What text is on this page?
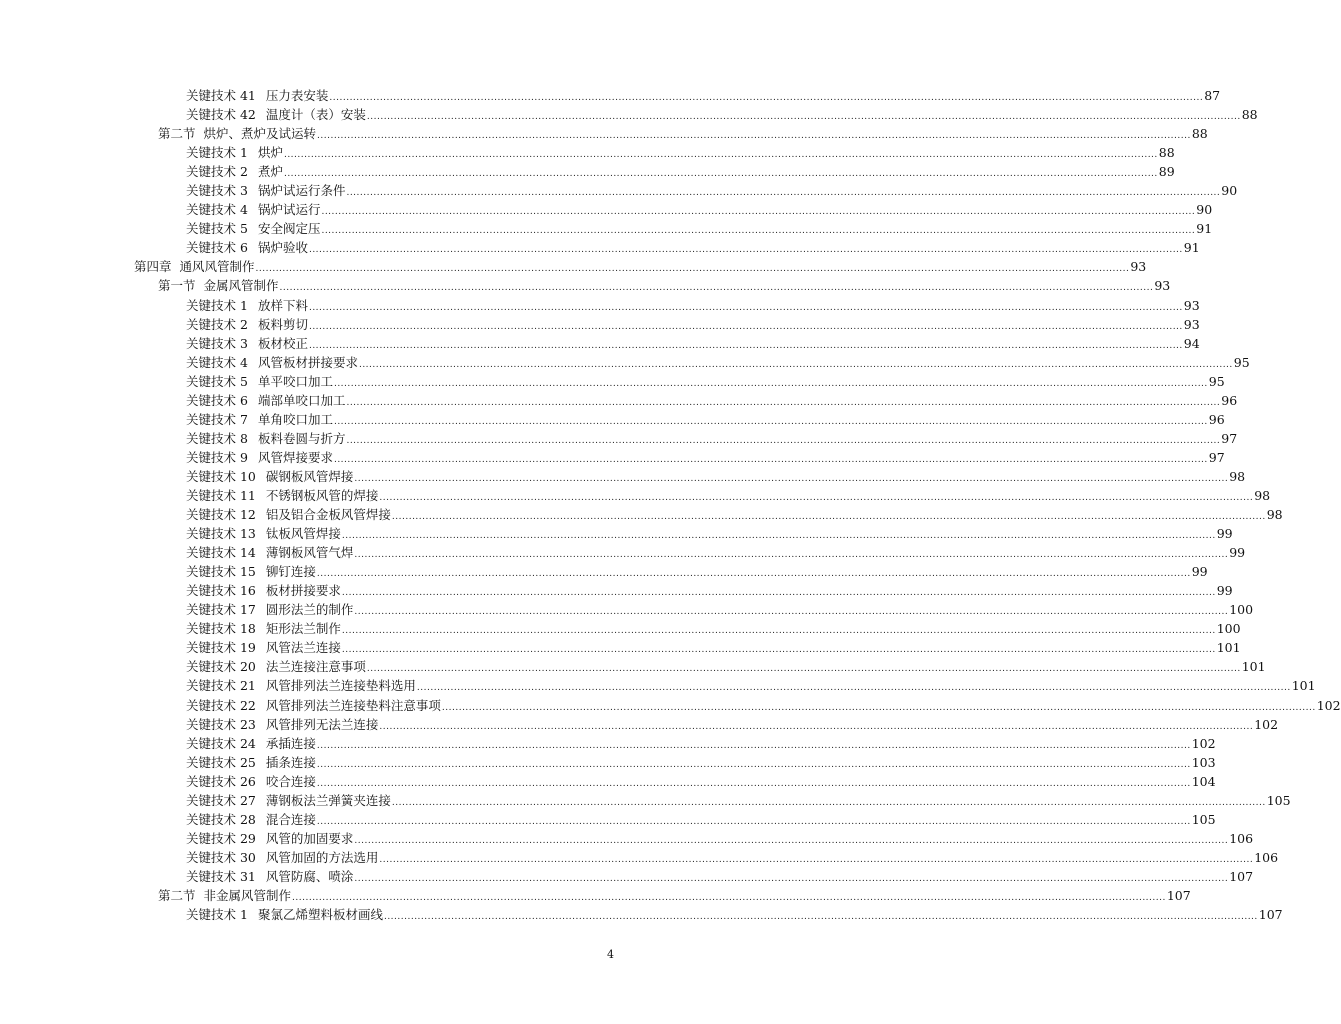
关键技术 41 压力表安装 .................................................................................................................................................................................................................................................................... 87
关键技术 42 温度计（表）安装 .................................................................................................................................................................................................................................................................... 88
第二节 烘炉、煮炉及试运转 .................................................................................................................................................................................................................................................................... 88
关键技术 1 烘炉 .................................................................................................................................................................................................................................................................... 88
关键技术 2 煮炉 .................................................................................................................................................................................................................................................................... 89
关键技术 3 锅炉试运行条件 .................................................................................................................................................................................................................................................................... 90
关键技术 4 锅炉试运行 .................................................................................................................................................................................................................................................................... 90
关键技术 5 安全阀定压 .................................................................................................................................................................................................................................................................... 91
关键技术 6 锅炉验收 .................................................................................................................................................................................................................................................................... 91
第四章 通风风管制作 .................................................................................................................................................................................................................................................................... 93
第一节 金属风管制作 .................................................................................................................................................................................................................................................................... 93
关键技术 1 放样下料 .................................................................................................................................................................................................................................................................... 93
关键技术 2 板料剪切 .................................................................................................................................................................................................................................................................... 93
关键技术 3 板材校正 .................................................................................................................................................................................................................................................................... 94
关键技术 4 风管板材拼接要求 .................................................................................................................................................................................................................................................................... 95
关键技术 5 单平咬口加工 .................................................................................................................................................................................................................................................................... 95
关键技术 6 端部单咬口加工 .................................................................................................................................................................................................................................................................... 96
关键技术 7 单角咬口加工 .................................................................................................................................................................................................................................................................... 96
关键技术 8 板料卷圆与折方 .................................................................................................................................................................................................................................................................... 97
关键技术 9 风管焊接要求 .................................................................................................................................................................................................................................................................... 97
关键技术 10 碳钢板风管焊接 .................................................................................................................................................................................................................................................................... 98
关键技术 11 不锈钢板风管的焊接 .................................................................................................................................................................................................................................................................... 98
关键技术 12 铝及铝合金板风管焊接 .................................................................................................................................................................................................................................................................... 98
关键技术 13 钛板风管焊接 .................................................................................................................................................................................................................................................................... 99
关键技术 14 薄钢板风管气焊 .................................................................................................................................................................................................................................................................... 99
关键技术 15 铆钉连接 .................................................................................................................................................................................................................................................................... 99
关键技术 16 板材拼接要求 .................................................................................................................................................................................................................................................................... 99
关键技术 17 圆形法兰的制作 .................................................................................................................................................................................................................................................................... 100
关键技术 18 矩形法兰制作 .................................................................................................................................................................................................................................................................... 100
关键技术 19 风管法兰连接 .................................................................................................................................................................................................................................................................... 101
关键技术 20 法兰连接注意事项 .................................................................................................................................................................................................................................................................... 101
关键技术 21 风管排列法兰连接垫料选用 .................................................................................................................................................................................................................................................................... 101
关键技术 22 风管排列法兰连接垫料注意事项 .................................................................................................................................................................................................................................................................... 102
关键技术 23 风管排列无法兰连接 .................................................................................................................................................................................................................................................................... 102
关键技术 24 承插连接 .................................................................................................................................................................................................................................................................... 102
关键技术 25 插条连接 .................................................................................................................................................................................................................................................................... 103
关键技术 26 咬合连接 .................................................................................................................................................................................................................................................................... 104
关键技术 27 薄钢板法兰弹簧夹连接 .................................................................................................................................................................................................................................................................... 105
关键技术 28 混合连接 .................................................................................................................................................................................................................................................................... 105
关键技术 29 风管的加固要求 .................................................................................................................................................................................................................................................................... 106
关键技术 30 风管加固的方法选用 .................................................................................................................................................................................................................................................................... 106
关键技术 31 风管防腐、喷涂 .................................................................................................................................................................................................................................................................... 107
第二节 非金属风管制作 .................................................................................................................................................................................................................................................................... 107
关键技术 1 聚氯乙烯塑料板材画线 .................................................................................................................................................................................................................................................................... 107
4
